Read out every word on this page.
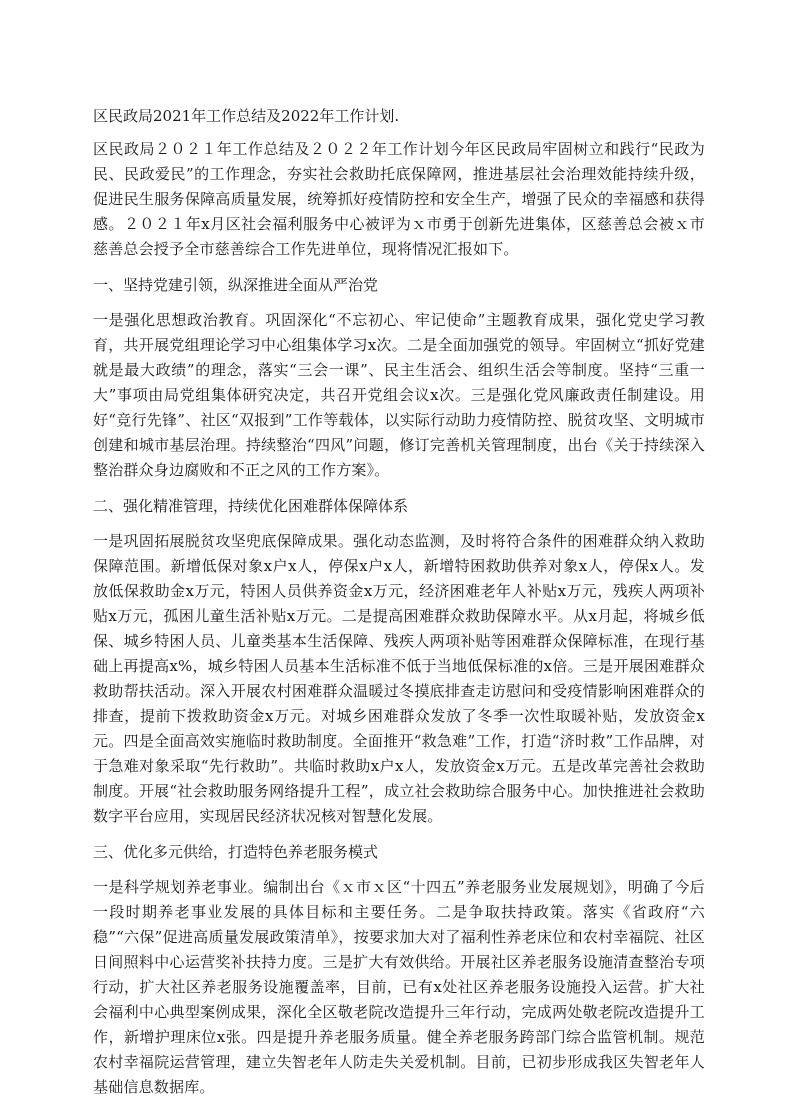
区民政局2021年工作总结及2022年工作计划.

区民政局２０２１年工作总结及２０２２年工作计划今年区民政局牢固树立和践行“民政为民、民政爱民”的工作理念，夯实社会救助托底保障网，推进基层社会治理效能持续升级，促进民生服务保障高质量发展，统筹抓好疫情防控和安全生产，增强了民众的幸福感和获得感。２０２１年x月区社会福利服务中心被评为ｘ市勇于创新先进集体，区慈善总会被ｘ市慈善总会授予全市慈善综合工作先进单位，现将情况汇报如下。

一、坚持党建引领，纵深推进全面从严治党

一是强化思想政治教育。巩固深化“不忘初心、牢记使命”主题教育成果，强化党史学习教育，共开展党组理论学习中心组集体学习x次。二是全面加强党的领导。牢固树立“抓好党建就是最大政绩”的理念，落实“三会一课”、民主生活会、组织生活会等制度。坚持“三重一大”事项由局党组集体研究决定，共召开党组会议x次。三是强化党风廉政责任制建设。用好“竞行先锋”、社区“双报到”工作等载体，以实际行动助力疫情防控、脱贫攻坚、文明城市创建和城市基层治理。持续整治“四风”问题，修订完善机关管理制度，出台《关于持续深入整治群众身边腐败和不正之风的工作方案》。

二、强化精准管理，持续优化困难群体保障体系

一是巩固拓展脱贫攻坚兜底保障成果。强化动态监测，及时将符合条件的困难群众纳入救助保障范围。新增低保对象x户x人，停保x户x人，新增特困救助供养对象x人，停保x人。发放低保救助金x万元，特困人员供养资金x万元，经济困难老年人补贴x万元，残疾人两项补贴x万元，孤困儿童生活补贴x万元。二是提高困难群众救助保障水平。从x月起，将城乡低保、城乡特困人员、儿童类基本生活保障、残疾人两项补贴等困难群众保障标准，在现行基础上再提高x%，城乡特困人员基本生活标准不低于当地低保标准的x倍。三是开展困难群众救助帮扶活动。深入开展农村困难群众温暖过冬摸底排查走访慰问和受疫情影响困难群众的排查，提前下拨救助资金x万元。对城乡困难群众发放了冬季一次性取暖补贴，发放资金x元。四是全面高效实施临时救助制度。全面推开“救急难”工作，打造“济时救”工作品牌，对于急难对象采取“先行救助”。共临时救助x户x人，发放资金x万元。五是改革完善社会救助制度。开展“社会救助服务网络提升工程”，成立社会救助综合服务中心。加快推进社会救助数字平台应用，实现居民经济状况核对智慧化发展。

三、优化多元供给，打造特色养老服务模式

一是科学规划养老事业。编制出台《ｘ市ｘ区“十四五”养老服务业发展规划》，明确了今后一段时期养老事业发展的具体目标和主要任务。二是争取扶持政策。落实《省政府“六稳”“六保”促进高质量发展政策清单》，按要求加大对了福利性养老床位和农村幸福院、社区日间照料中心运营奖补扶持力度。三是扩大有效供给。开展社区养老服务设施清查整治专项行动，扩大社区养老服务设施覆盖率，目前，已有x处社区养老服务设施投入运营。扩大社会福利中心典型案例成果，深化全区敬老院改造提升三年行动，完成两处敬老院改造提升工作，新增护理床位x张。四是提升养老服务质量。健全养老服务跨部门综合监管机制。规范农村幸福院运营管理，建立失智老年人防走失关爱机制。目前，已初步形成我区失智老年人基础信息数据库。
